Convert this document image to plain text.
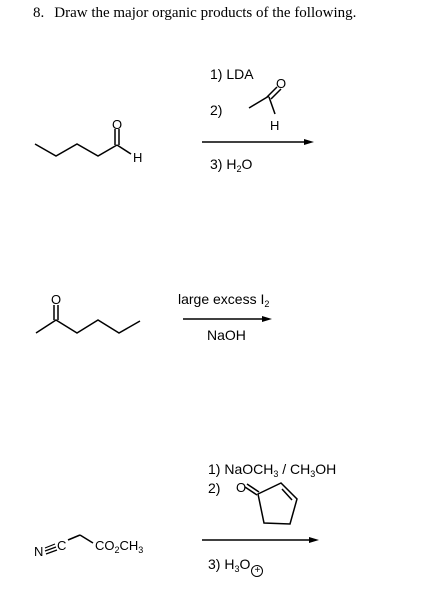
8. Draw the major organic products of the following.
O
H
O
H
1) LDA
2)
3) $H_2O$
O	large excess $I_2$
NaOH
N C $CO_2CH_3$
1) NaOCH$_3$ / $CH_3OH$
2) O
3) $H_3O$ +
